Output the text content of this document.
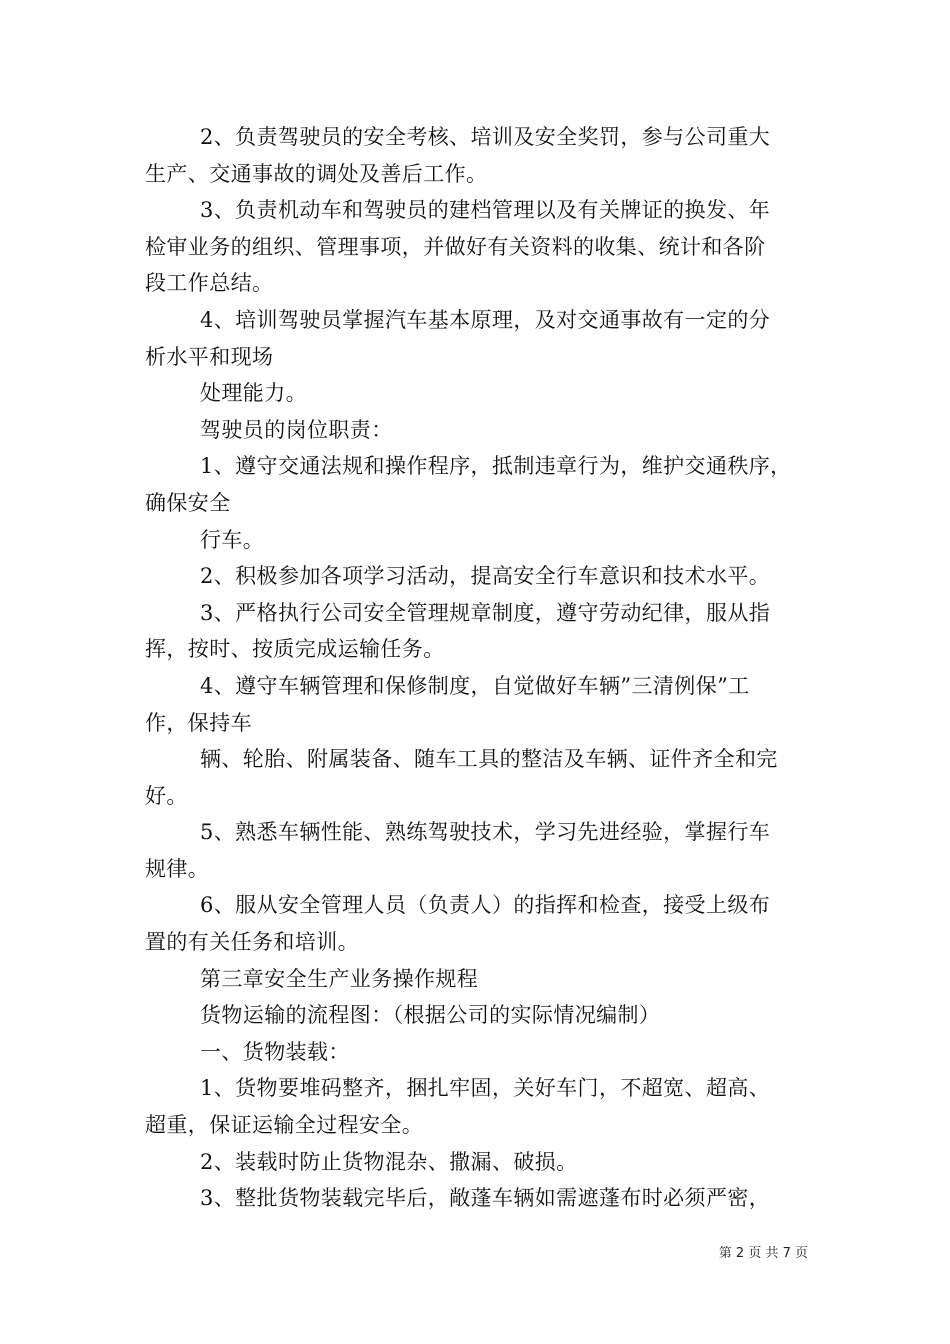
2、负责驾驶员的安全考核、培训及安全奖罚，参与公司重大
生产、交通事故的调处及善后工作。
3、负责机动车和驾驶员的建档管理以及有关牌证的换发、年
检审业务的组织、管理事项，并做好有关资料的收集、统计和各阶
段工作总结。
4、培训驾驶员掌握汽车基本原理，及对交通事故有一定的分
析水平和现场
处理能力。
驾驶员的岗位职责：
1、遵守交通法规和操作程序，抵制违章行为，维护交通秩序，
确保安全
行车。
2、积极参加各项学习活动，提高安全行车意识和技术水平。
3、严格执行公司安全管理规章制度，遵守劳动纪律，服从指
挥，按时、按质完成运输任务。
4、遵守车辆管理和保修制度，自觉做好车辆”三清例保”工
作，保持车
辆、轮胎、附属装备、随车工具的整洁及车辆、证件齐全和完
好。
5、熟悉车辆性能、熟练驾驶技术，学习先进经验，掌握行车
规律。
6、服从安全管理人员（负责人）的指挥和检查，接受上级布
置的有关任务和培训。
第三章安全生产业务操作规程
货物运输的流程图：（根据公司的实际情况编制）
一、货物装载：
1、货物要堆码整齐，捆扎牢固，关好车门，不超宽、超高、
超重，保证运输全过程安全。
2、装载时防止货物混杂、撒漏、破损。
3、整批货物装载完毕后，敞蓬车辆如需遮蓬布时必须严密，
第 2 页 共 7 页
